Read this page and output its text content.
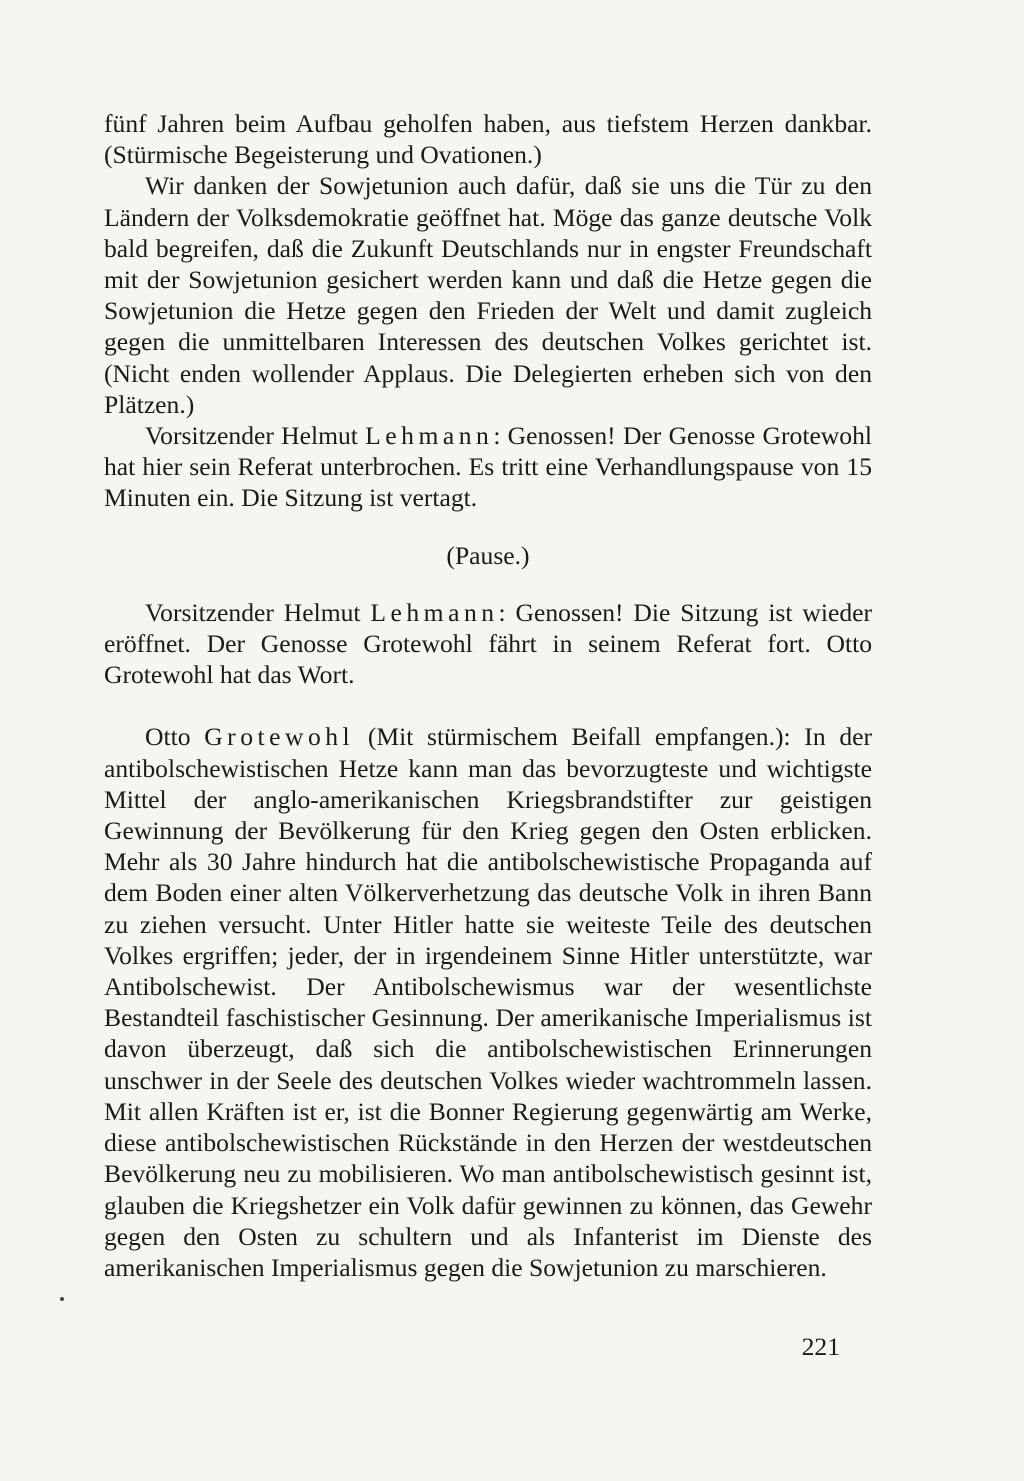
fünf Jahren beim Aufbau geholfen haben, aus tiefstem Herzen dankbar. (Stürmische Begeisterung und Ovationen.)

Wir danken der Sowjetunion auch dafür, daß sie uns die Tür zu den Ländern der Volksdemokratie geöffnet hat. Möge das ganze deutsche Volk bald begreifen, daß die Zukunft Deutschlands nur in engster Freundschaft mit der Sowjetunion gesichert werden kann und daß die Hetze gegen die Sowjetunion die Hetze gegen den Frieden der Welt und damit zugleich gegen die unmittelbaren Interessen des deutschen Volkes gerichtet ist. (Nicht enden wollender Applaus. Die Delegierten erheben sich von den Plätzen.)

Vorsitzender Helmut Lehmann: Genossen! Der Genosse Grotewohl hat hier sein Referat unterbrochen. Es tritt eine Verhandlungspause von 15 Minuten ein. Die Sitzung ist vertagt.

(Pause.)

Vorsitzender Helmut Lehmann: Genossen! Die Sitzung ist wieder eröffnet. Der Genosse Grotewohl fährt in seinem Referat fort. Otto Grotewohl hat das Wort.

Otto Grotewohl (Mit stürmischem Beifall empfangen.): In der antibolschewistischen Hetze kann man das bevorzugteste und wichtigste Mittel der anglo-amerikanischen Kriegsbrandstifter zur geistigen Gewinnung der Bevölkerung für den Krieg gegen den Osten erblicken. Mehr als 30 Jahre hindurch hat die antibolschewistische Propaganda auf dem Boden einer alten Völkerverhetzung das deutsche Volk in ihren Bann zu ziehen versucht. Unter Hitler hatte sie weiteste Teile des deutschen Volkes ergriffen; jeder, der in irgendeinem Sinne Hitler unterstützte, war Antibolschewist. Der Antibolschewismus war der wesentlichste Bestandteil faschistischer Gesinnung. Der amerikanische Imperialismus ist davon überzeugt, daß sich die antibolschewistischen Erinnerungen unschwer in der Seele des deutschen Volkes wieder wachtrommeln lassen. Mit allen Kräften ist er, ist die Bonner Regierung gegenwärtig am Werke, diese antibolschewistischen Rückstände in den Herzen der westdeutschen Bevölkerung neu zu mobilisieren. Wo man antibolschewistisch gesinnt ist, glauben die Kriegshetzer ein Volk dafür gewinnen zu können, das Gewehr gegen den Osten zu schultern und als Infanterist im Dienste des amerikanischen Imperialismus gegen die Sowjetunion zu marschieren.

221
